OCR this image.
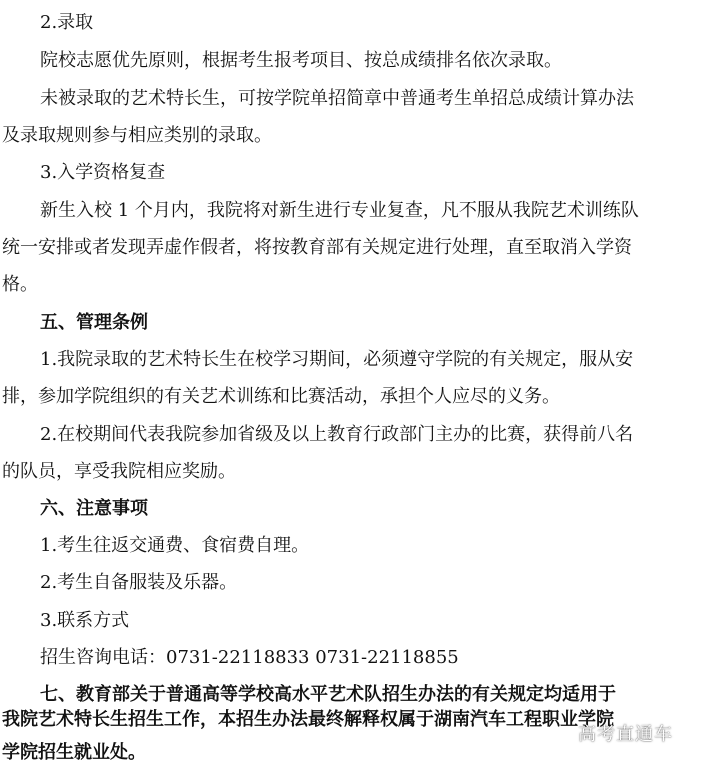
2.录取
院校志愿优先原则，根据考生报考项目、按总成绩排名依次录取。
未被录取的艺术特长生，可按学院单招简章中普通考生单招总成绩计算办法
及录取规则参与相应类别的录取。
3.入学资格复查
新生入校 1 个月内，我院将对新生进行专业复查，凡不服从我院艺术训练队
统一安排或者发现弄虚作假者，将按教育部有关规定进行处理，直至取消入学资
格。
五、管理条例
1.我院录取的艺术特长生在校学习期间，必须遵守学院的有关规定，服从安
排，参加学院组织的有关艺术训练和比赛活动，承担个人应尽的义务。
2.在校期间代表我院参加省级及以上教育行政部门主办的比赛，获得前八名
的队员，享受我院相应奖励。
六、注意事项
1.考生往返交通费、食宿费自理。
2.考生自备服装及乐器。
3.联系方式
招生咨询电话：0731-22118833 0731-22118855
七、教育部关于普通高等学校高水平艺术队招生办法的有关规定均适用于
我院艺术特长生招生工作，本招生办法最终解释权属于湖南汽车工程职业学院
学院招生就业处。
高考直通车
